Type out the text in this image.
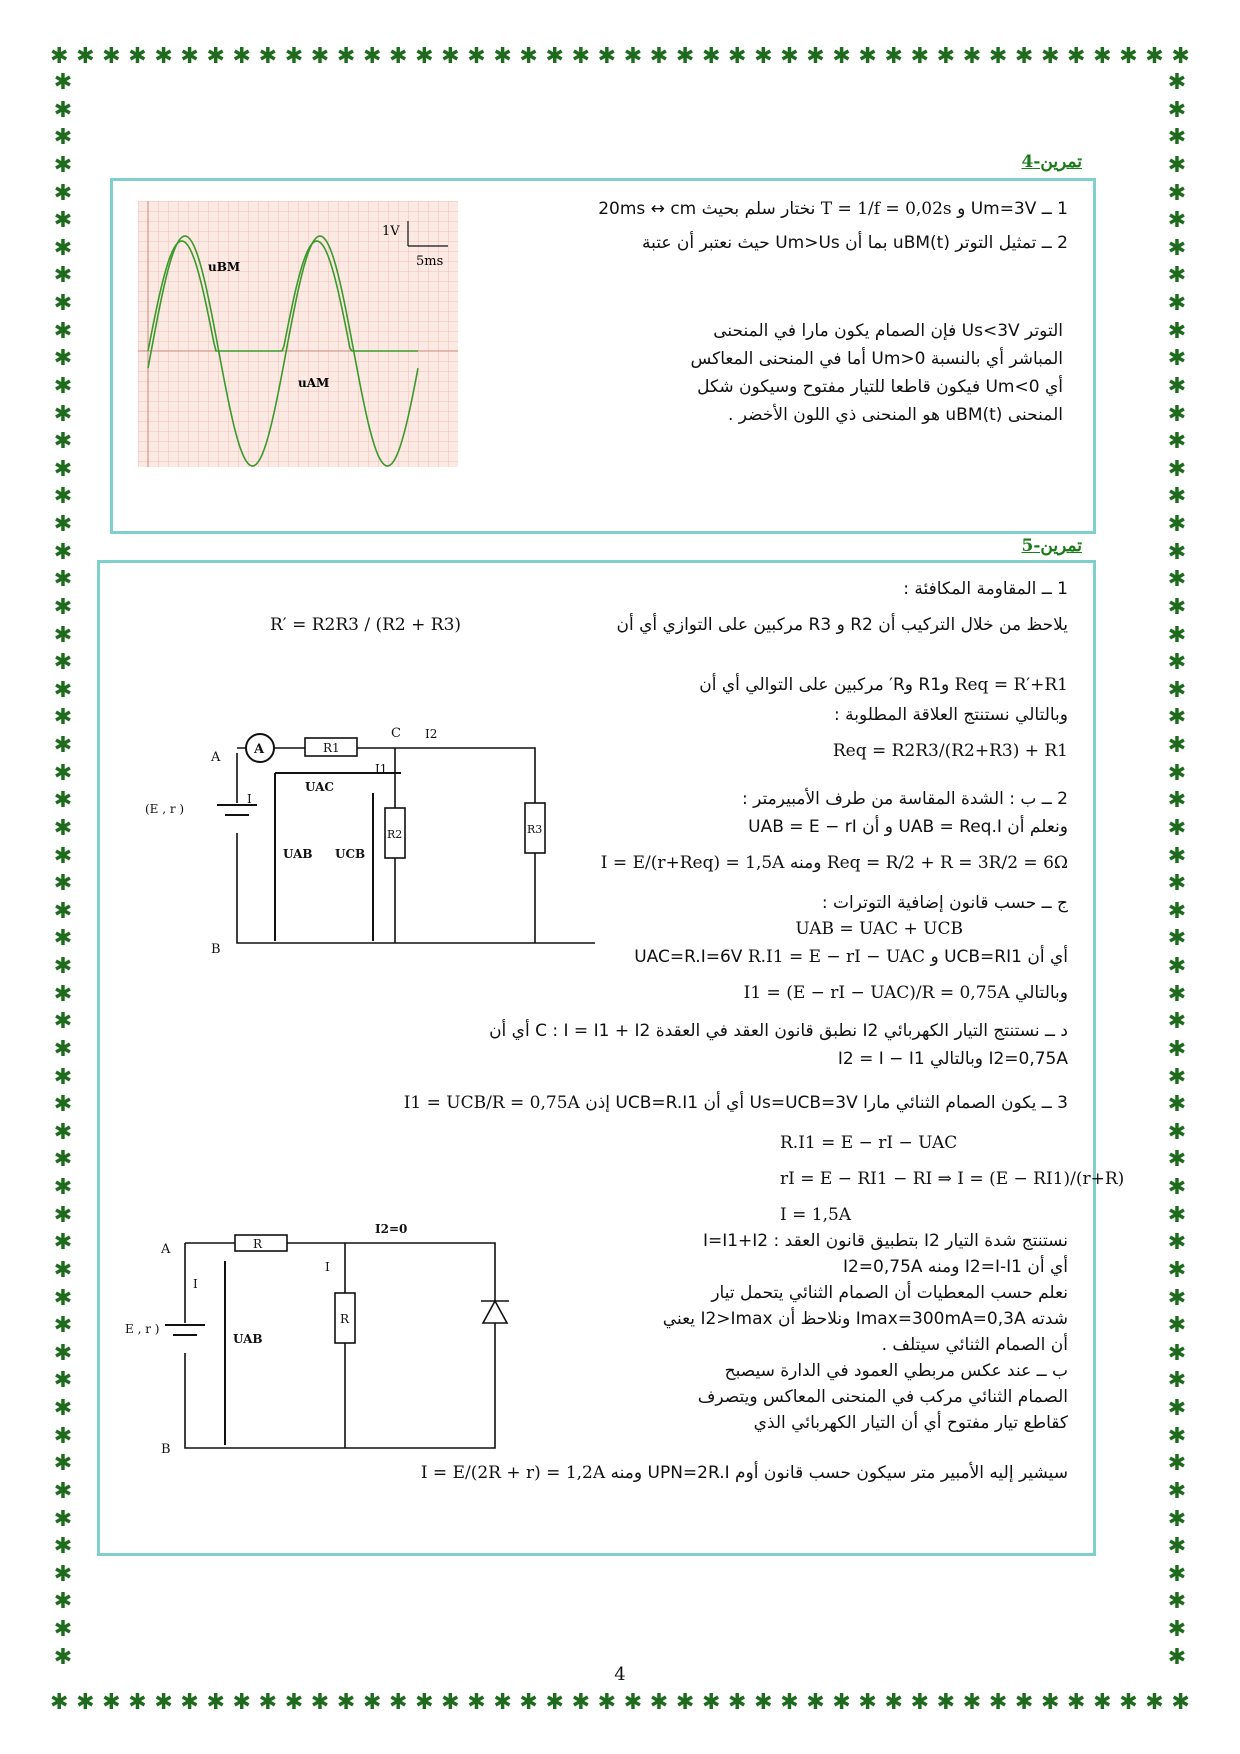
✱ ✱ ✱ ✱ ✱ ✱ ✱ ✱ ✱ ✱ ✱ ✱ ✱ ✱ ✱ ✱ ✱ ✱ ✱ ✱ ✱ ✱ ✱ ✱ ✱ ✱ ✱ ✱ ✱ ✱ ✱ ✱ ✱ ✱ ✱ ✱ ✱ ✱ ✱ ✱ ✱ ✱ ✱ ✱
✱ ✱ ✱ ✱ ✱ ✱ ✱ ✱ ✱ ✱ ✱ ✱ ✱ ✱ ✱ ✱ ✱ ✱ ✱ ✱ ✱ ✱ ✱ ✱ ✱ ✱ ✱ ✱ ✱ ✱ ✱ ✱ ✱ ✱ ✱ ✱ ✱ ✱ ✱ ✱ ✱ ✱ ✱ ✱
✱
✱
✱
✱
✱
✱
✱
✱
✱
✱
✱
✱
✱
✱
✱
✱
✱
✱
✱
✱
✱
✱
✱
✱
✱
✱
✱
✱
✱
✱
✱
✱
✱
✱
✱
✱
✱
✱
✱
✱
✱
✱
✱
✱
✱
✱
✱
✱
✱
✱
✱
✱
✱
✱
✱
✱
✱
✱
✱
✱
✱
✱
✱
✱
✱
✱
✱
✱
✱
✱
✱
✱
✱
✱
✱
✱
✱
✱
✱
✱
✱
✱
✱
✱
✱
✱
✱
✱
✱
✱
✱
✱
✱
✱
✱
✱
✱
✱
✱
✱
✱
✱
✱
✱
✱
✱
✱
✱
✱
✱
✱
✱
✱
✱
✱
✱
تمرين-4
1V
5ms
uBM
uAM
1 ــ Um=3V و T = 1/f = 0,02s نختار سلم بحيث 20ms ↔ cm
2 ــ تمثيل التوتر uBM(t) بما أن Um>Us حيث نعتبر أن عتبة
التوتر Us<3V فإن الصمام يكون مارا في المنحنى
المباشر أي بالنسبة Um>0 أما في المنحنى المعاكس
أي Um<0 فيكون قاطعا للتيار مفتوح وسيكون شكل
المنحنى uBM(t) هو المنحنى ذي اللون الأخضر .
تمرين-5
1 ــ المقاومة المكافئة :
يلاحظ من خلال التركيب أن R2 و R3 مركبين على التوازي أي أن
R′ = R2R3 / (R2 + R3)
Req = R′+R1 وR1 وR′ مركبين على التوالي أي أن
وبالتالي نستنتج العلاقة المطلوبة :
Req = R2R3/(R2+R3) + R1
2 ــ ب : الشدة المقاسة من طرف الأمبيرمتر :
ونعلم أن UAB = Req.I و أن UAB = E − rI
I = E/(r+Req) = 1,5A ومنه Req = R/2 + R = 3R/2 = 6Ω
ج ــ حسب قانون إضافية التوترات :
UAB = UAC + UCB
أي أن UCB=RI1 و UAC=R.I=6V R.I1 = E − rI − UAC
وبالتالي I1 = (E − rI − UAC)/R = 0,75A
د ــ نستنتج التيار الكهربائي I2 نطبق قانون العقد في العقدة C : I = I1 + I2 أي أن
I2=0,75A وبالتالي I2 = I − I1
3 ــ يكون الصمام الثنائي مارا Us=UCB=3V أي أن UCB=R.I1 إذن I1 = UCB/R = 0,75A
R.I1 = E − rI − UAC
rI = E − RI1 − RI ⇒ I = (E − RI1)/(r+R)
I = 1,5A
نستنتج شدة التيار I2 بتطبيق قانون العقد : I=I1+I2
أي أن I2=I-I1 ومنه I2=0,75A
نعلم حسب المعطيات أن الصمام الثنائي يتحمل تيار
شدته Imax=300mA=0,3A ونلاحظ أن I2>Imax يعني
أن الصمام الثنائي سيتلف .
ب ــ عند عكس مربطي العمود في الدارة سيصبح
الصمام الثنائي مركب في المنحنى المعاكس ويتصرف
كقاطع تيار مفتوح أي أن التيار الكهربائي الذي
سيشير إليه الأمبير متر سيكون حسب قانون أوم UPN=2R.I ومنه I = E/(2R + r) = 1,2A
A	R1
R2	R3
A
B
C
I
I1
I2
UAC
UAB UCB
(E , r )
R
R
A
B
I
I
I2=0
UAB
E , r )
4
